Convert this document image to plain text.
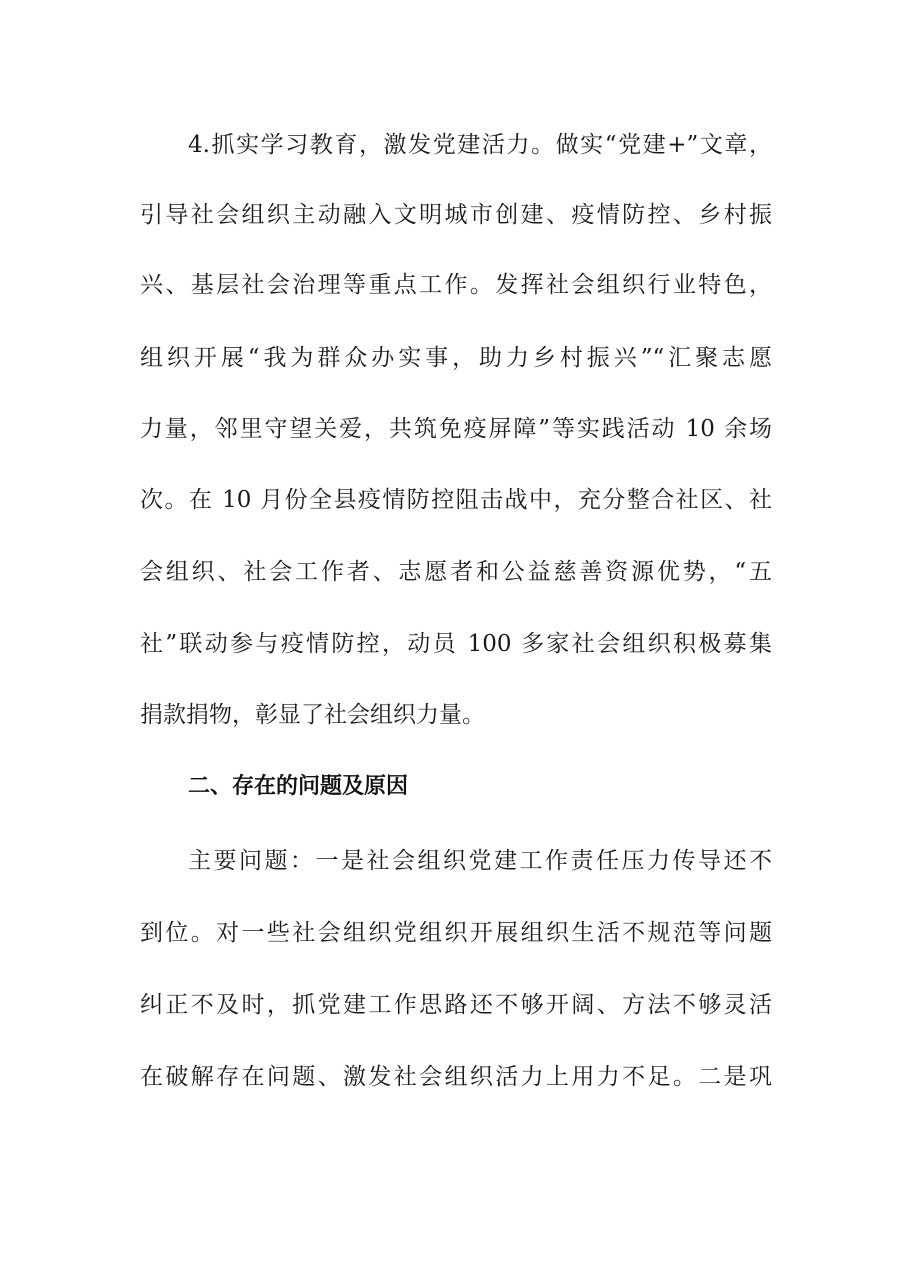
4.抓实学习教育，激发党建活力。做实“党建+”文章，
引导社会组织主动融入文明城市创建、疫情防控、乡村振
兴、基层社会治理等重点工作。发挥社会组织行业特色，
组织开展“我为群众办实事，助力乡村振兴”“汇聚志愿
力量，邻里守望关爱，共筑免疫屏障”等实践活动 10 余场
次。在 10 月份全县疫情防控阻击战中，充分整合社区、社
会组织、社会工作者、志愿者和公益慈善资源优势，“五
社”联动参与疫情防控，动员 100 多家社会组织积极募集
捐款捐物，彰显了社会组织力量。
二、存在的问题及原因
主要问题：一是社会组织党建工作责任压力传导还不
到位。对一些社会组织党组织开展组织生活不规范等问题
纠正不及时，抓党建工作思路还不够开阔、方法不够灵活
在破解存在问题、激发社会组织活力上用力不足。二是巩
